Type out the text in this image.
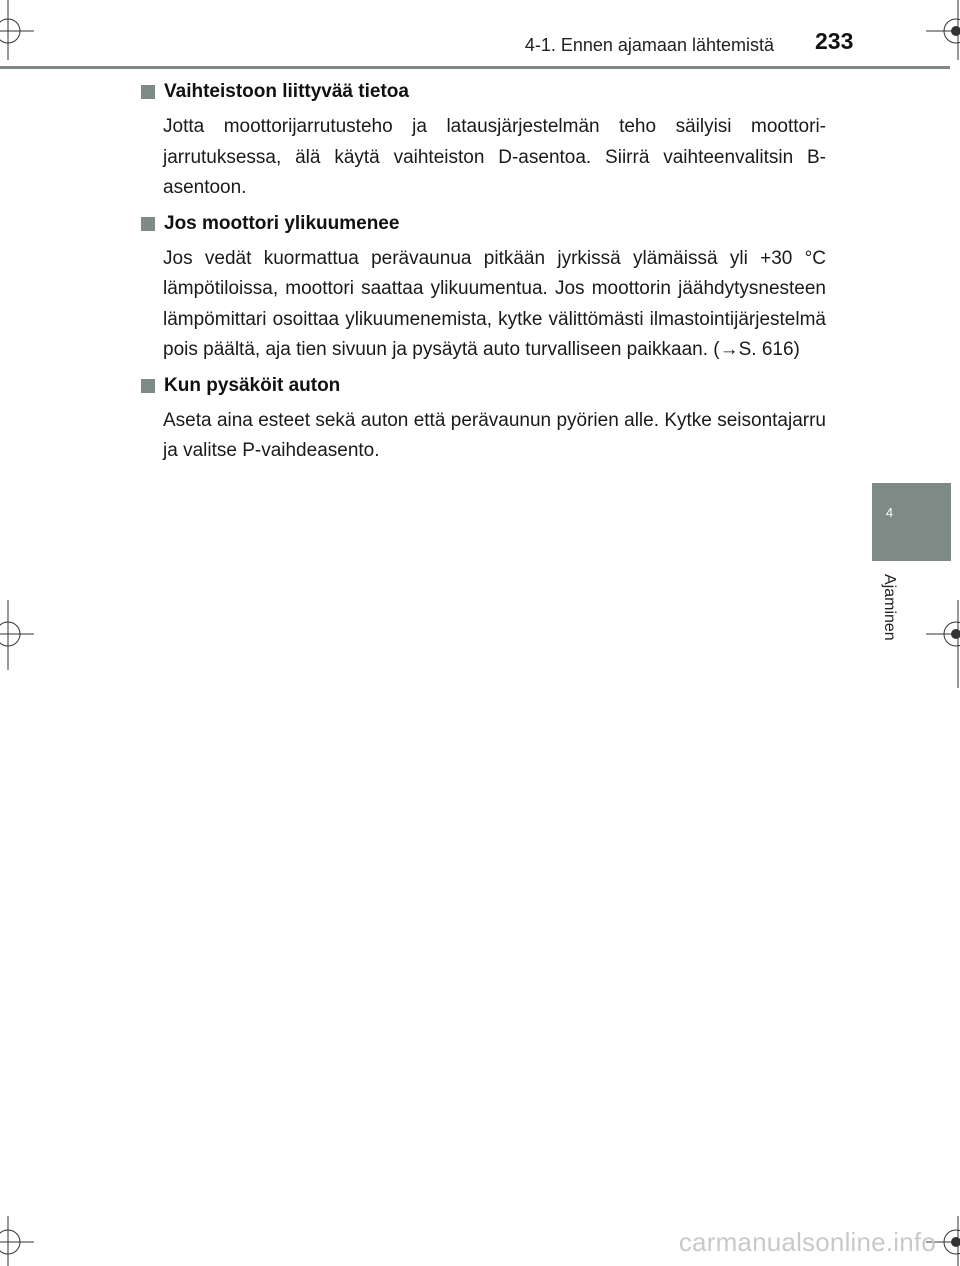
4-1. Ennen ajamaan lähtemistä 233
4
Ajaminen
Vaihteistoon liittyvää tietoa
Jotta moottorijarrutusteho ja latausjärjestelmän teho säilyisi moottori-jarrutuksessa, älä käytä vaihteiston D-asentoa. Siirrä vaihteenvalitsin B-asentoon.
Jos moottori ylikuumenee
Jos vedät kuormattua perävaunua pitkään jyrkissä ylämäissä yli +30 °C lämpötiloissa, moottori saattaa ylikuumentua. Jos moottorin jäähdytysnesteen lämpömittari osoittaa ylikuumenemista, kytke välittömästi ilmastointijärjestelmä pois päältä, aja tien sivuun ja pysäytä auto turvalliseen paikkaan. (→S. 616)
Kun pysäköit auton
Aseta aina esteet sekä auton että perävaunun pyörien alle. Kytke seisontajarru ja valitse P-vaihdeasento.
carmanualsonline.info
